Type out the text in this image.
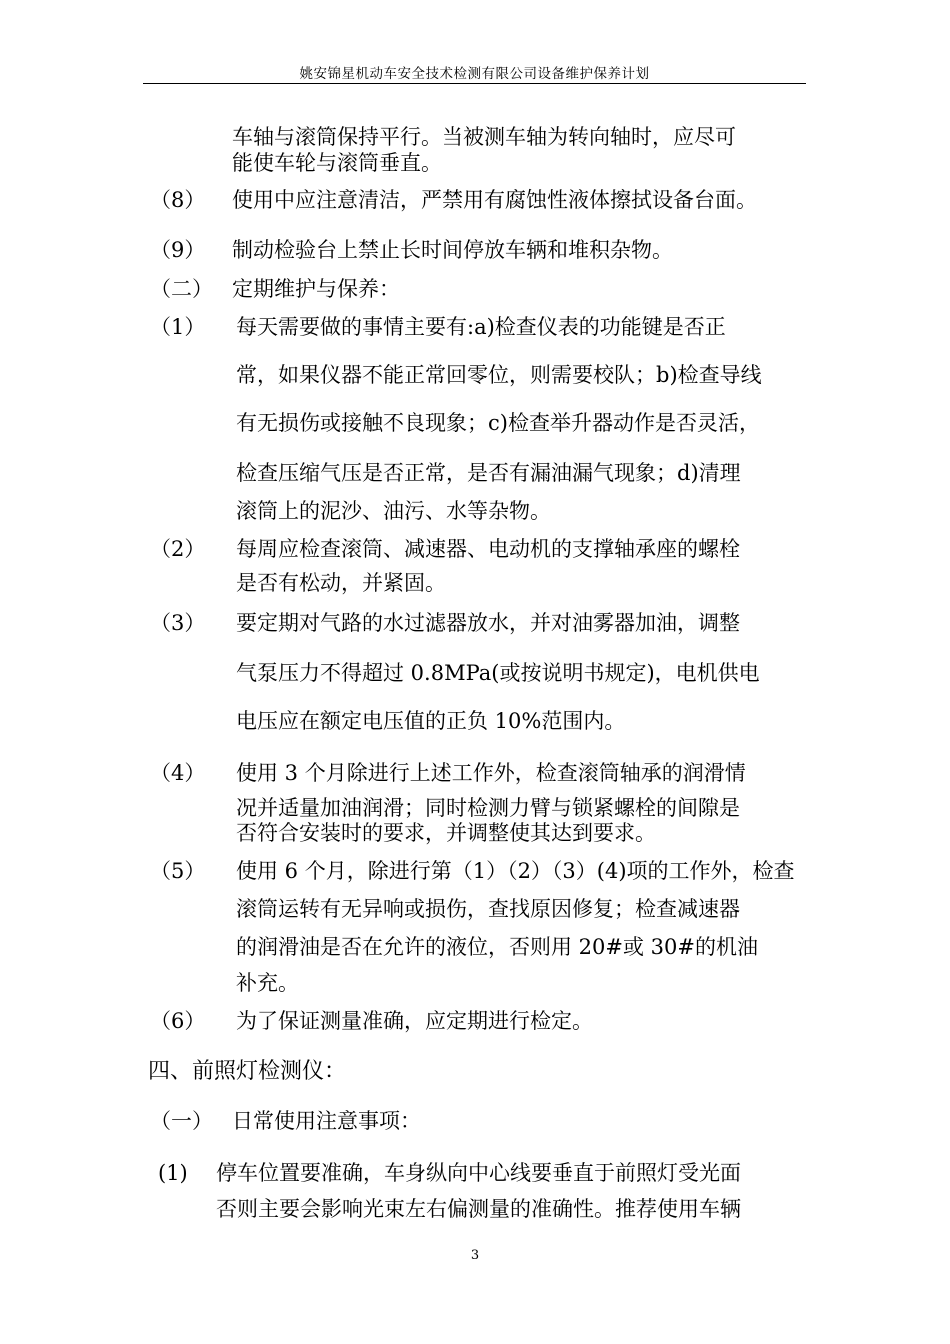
姚安锦星机动车安全技术检测有限公司设备维护保养计划
车轴与滚筒保持平行。当被测车轴为转向轴时，应尽可
能使车轮与滚筒垂直。
（8） 使用中应注意清洁，严禁用有腐蚀性液体擦拭设备台面。
（9） 制动检验台上禁止长时间停放车辆和堆积杂物。
（二） 定期维护与保养：
（1） 每天需要做的事情主要有:a)检查仪表的功能键是否正
常，如果仪器不能正常回零位，则需要校队；b)检查导线
有无损伤或接触不良现象；c)检查举升器动作是否灵活，
检查压缩气压是否正常，是否有漏油漏气现象；d)清理
滚筒上的泥沙、油污、水等杂物。
（2） 每周应检查滚筒、减速器、电动机的支撑轴承座的螺栓
是否有松动，并紧固。
（3） 要定期对气路的水过滤器放水，并对油雾器加油，调整
气泵压力不得超过 0.8MPa(或按说明书规定)，电机供电
电压应在额定电压值的正负 10%范围内。
（4） 使用 3 个月除进行上述工作外，检查滚筒轴承的润滑情
况并适量加油润滑；同时检测力臂与锁紧螺栓的间隙是
否符合安装时的要求，并调整使其达到要求。
（5） 使用 6 个月，除进行第（1）（2）（3）(4)项的工作外，检查
滚筒运转有无异响或损伤，查找原因修复；检查减速器
的润滑油是否在允许的液位，否则用 20#或 30#的机油
补充。
（6） 为了保证测量准确，应定期进行检定。
四、前照灯检测仪：
（一） 日常使用注意事项：
(1) 停车位置要准确，车身纵向中心线要垂直于前照灯受光面
否则主要会影响光束左右偏测量的准确性。推荐使用车辆
3
